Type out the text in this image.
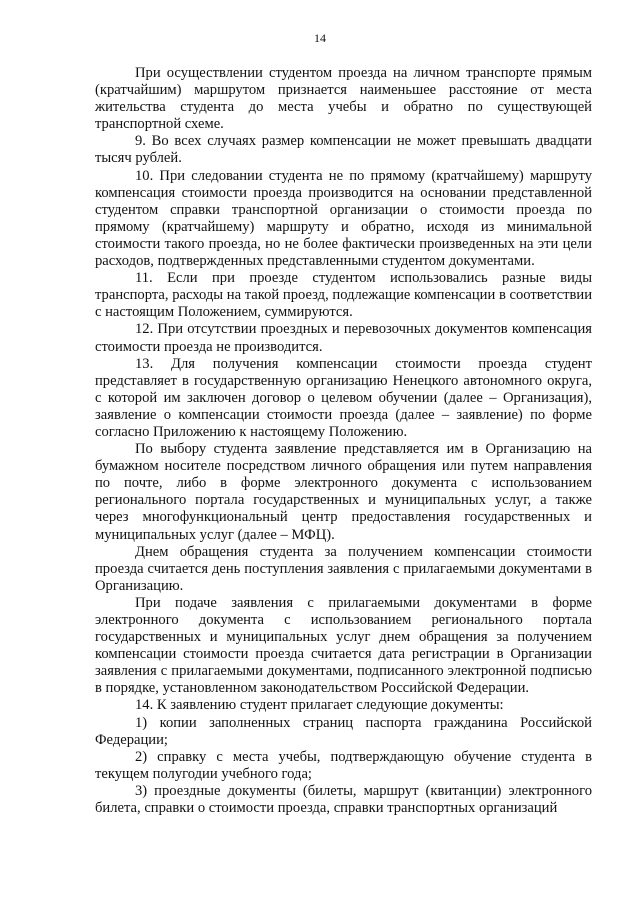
14

При осуществлении студентом проезда на личном транспорте прямым (кратчайшим) маршрутом признается наименьшее расстояние от места жительства студента до места учебы и обратно по существующей транспортной схеме.

9. Во всех случаях размер компенсации не может превышать двадцати тысяч рублей.

10. При следовании студента не по прямому (кратчайшему) маршруту компенсация стоимости проезда производится на основании представленной студентом справки транспортной организации о стоимости проезда по прямому (кратчайшему) маршруту и обратно, исходя из минимальной стоимости такого проезда, но не более фактически произведенных на эти цели расходов, подтвержденных представленными студентом документами.

11. Если при проезде студентом использовались разные виды транспорта, расходы на такой проезд, подлежащие компенсации в соответствии с настоящим Положением, суммируются.

12. При отсутствии проездных и перевозочных документов компенсация стоимости проезда не производится.

13. Для получения компенсации стоимости проезда студент представляет в государственную организацию Ненецкого автономного округа, с которой им заключен договор о целевом обучении (далее – Организация), заявление о компенсации стоимости проезда (далее – заявление) по форме согласно Приложению к настоящему Положению.

По выбору студента заявление представляется им в Организацию на бумажном носителе посредством личного обращения или путем направления по почте, либо в форме электронного документа с использованием регионального портала государственных и муниципальных услуг, а также через многофункциональный центр предоставления государственных и муниципальных услуг (далее – МФЦ).

Днем обращения студента за получением компенсации стоимости проезда считается день поступления заявления с прилагаемыми документами в Организацию.

При подаче заявления с прилагаемыми документами в форме электронного документа с использованием регионального портала государственных и муниципальных услуг днем обращения за получением компенсации стоимости проезда считается дата регистрации в Организации заявления с прилагаемыми документами, подписанного электронной подписью в порядке, установленном законодательством Российской Федерации.

14. К заявлению студент прилагает следующие документы:

1) копии заполненных страниц паспорта гражданина Российской Федерации;

2) справку с места учебы, подтверждающую обучение студента в текущем полугодии учебного года;

3) проездные документы (билеты, маршрут (квитанции) электронного билета, справки о стоимости проезда, справки транспортных организаций
